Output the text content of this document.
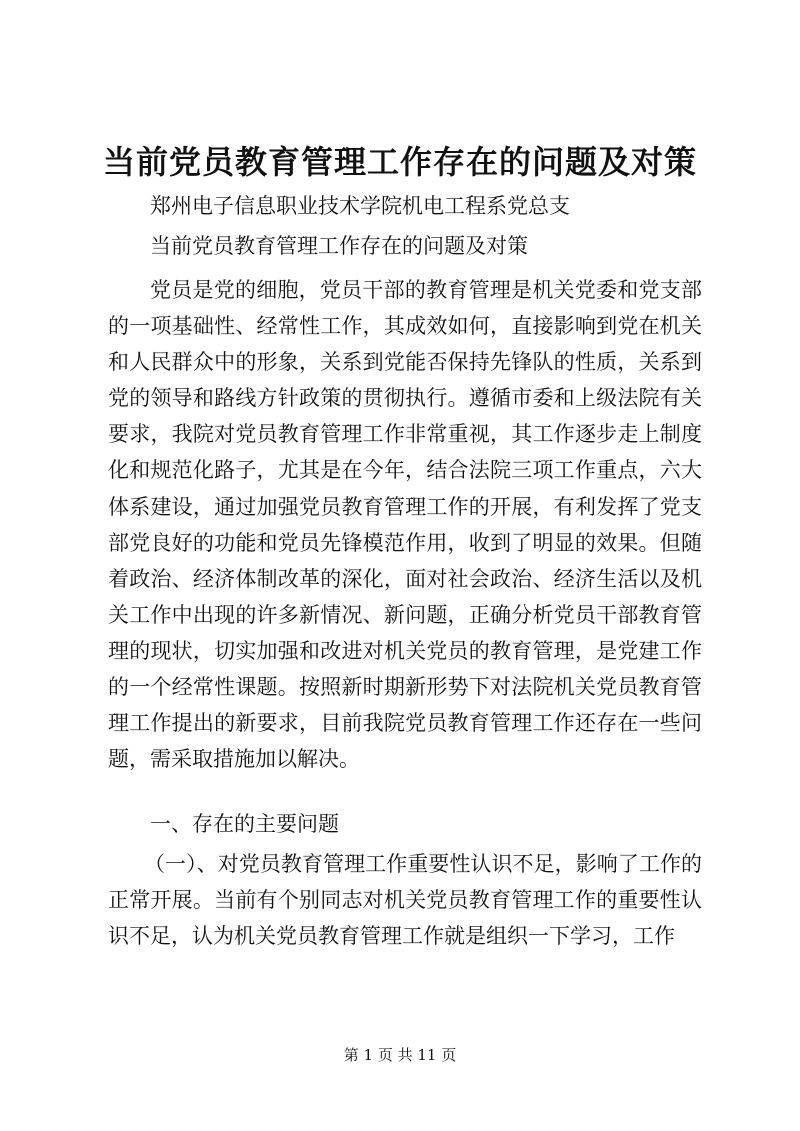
当前党员教育管理工作存在的问题及对策
郑州电子信息职业技术学院机电工程系党总支
当前党员教育管理工作存在的问题及对策
党员是党的细胞，党员干部的教育管理是机关党委和党支部的一项基础性、经常性工作，其成效如何，直接影响到党在机关和人民群众中的形象，关系到党能否保持先锋队的性质，关系到党的领导和路线方针政策的贯彻执行。遵循市委和上级法院有关要求，我院对党员教育管理工作非常重视，其工作逐步走上制度化和规范化路子，尤其是在今年，结合法院三项工作重点，六大体系建设，通过加强党员教育管理工作的开展，有利发挥了党支部党良好的功能和党员先锋模范作用，收到了明显的效果。但随着政治、经济体制改革的深化，面对社会政治、经济生活以及机关工作中出现的许多新情况、新问题，正确分析党员干部教育管理的现状，切实加强和改进对机关党员的教育管理，是党建工作的一个经常性课题。按照新时期新形势下对法院机关党员教育管理工作提出的新要求，目前我院党员教育管理工作还存在一些问题，需采取措施加以解决。
一、存在的主要问题
（一）、对党员教育管理工作重要性认识不足，影响了工作的正常开展。当前有个别同志对机关党员教育管理工作的重要性认识不足，认为机关党员教育管理工作就是组织一下学习，工作
第 1 页 共 11 页
